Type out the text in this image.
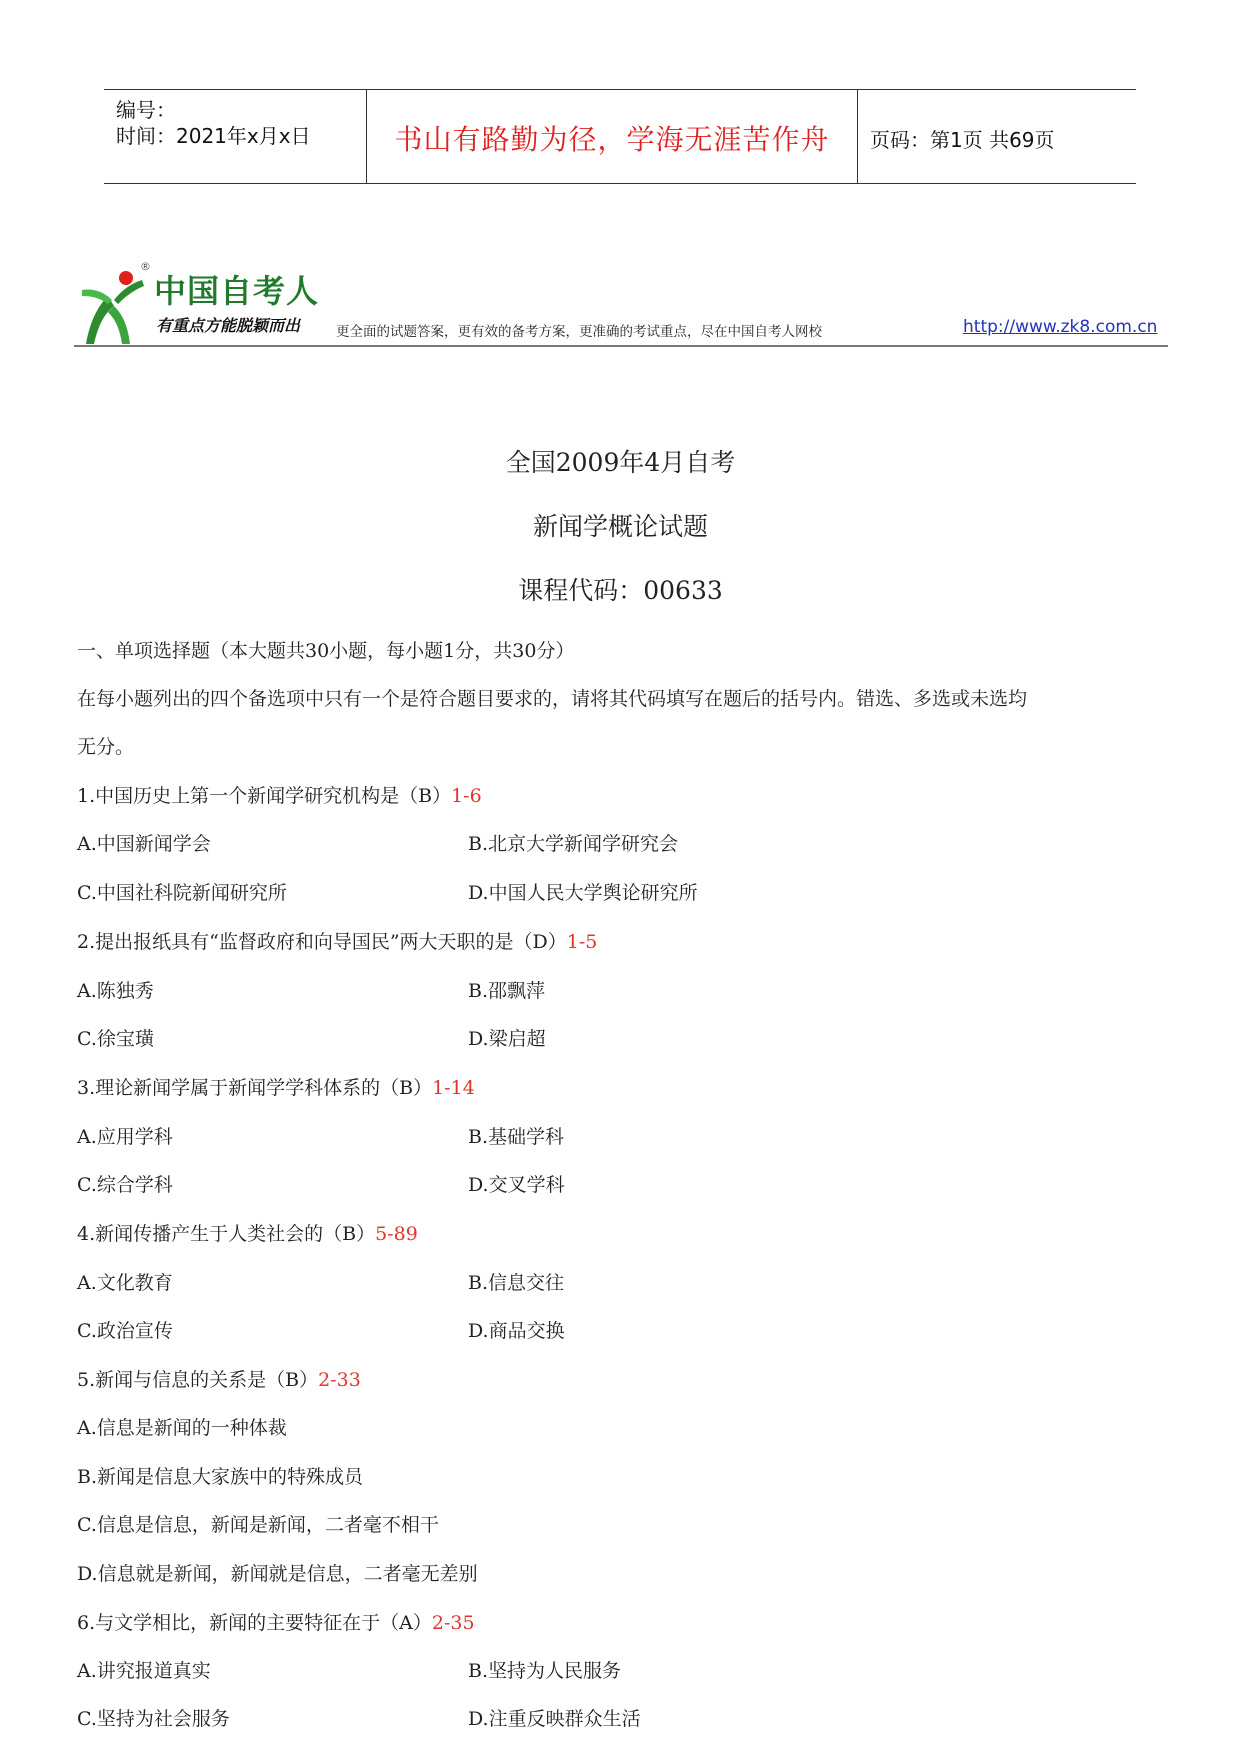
编号：
时间：2021年x月x日	书山有路勤为径，学海无涯苦作舟	页码：第1页 共69页
®
中国自考人
有重点方能脱颖而出	更全面的试题答案，更有效的备考方案，更准确的考试重点，尽在中国自考人网校	http://www.zk8.com.cn
全国2009年4月自考
新闻学概论试题
课程代码：00633
一、单项选择题（本大题共30小题，每小题1分，共30分）
在每小题列出的四个备选项中只有一个是符合题目要求的，请将其代码填写在题后的括号内。错选、多选或未选均
无分。
1.中国历史上第一个新闻学研究机构是（B）1-6
A.中国新闻学会	B.北京大学新闻学研究会
C.中国社科院新闻研究所	D.中国人民大学舆论研究所
2.提出报纸具有“监督政府和向导国民”两大天职的是（D）1-5
A.陈独秀	B.邵飘萍
C.徐宝璜	D.梁启超
3.理论新闻学属于新闻学学科体系的（B）1-14
A.应用学科	B.基础学科
C.综合学科	D.交叉学科
4.新闻传播产生于人类社会的（B）5-89
A.文化教育	B.信息交往
C.政治宣传	D.商品交换
5.新闻与信息的关系是（B）2-33
A.信息是新闻的一种体裁
B.新闻是信息大家族中的特殊成员
C.信息是信息，新闻是新闻，二者毫不相干
D.信息就是新闻，新闻就是信息，二者毫无差别
6.与文学相比，新闻的主要特征在于（A）2-35
A.讲究报道真实	B.坚持为人民服务
C.坚持为社会服务	D.注重反映群众生活
